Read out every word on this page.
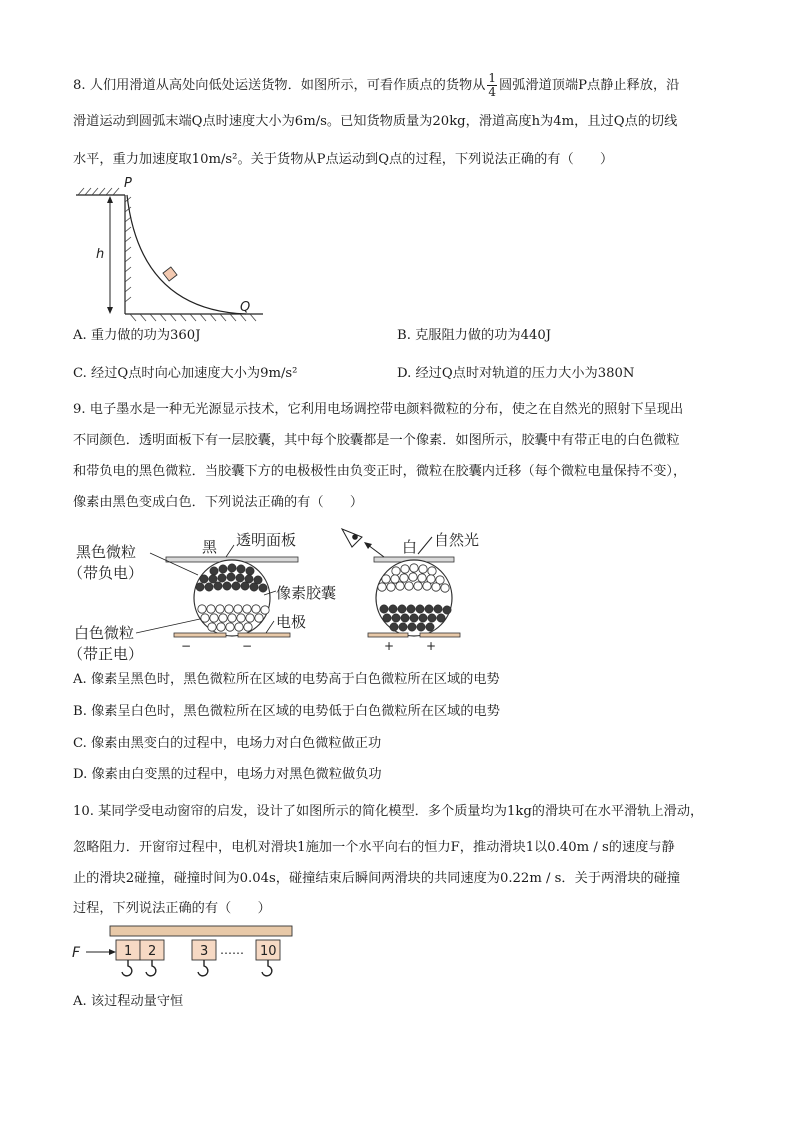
8. 人们用滑道从高处向低处运送货物．如图所示，可看作质点的货物从 $\frac{1}{4}$ 圆弧滑道顶端P点静止释放，沿
滑道运动到圆弧末端Q点时速度大小为6m/s。已知货物质量为20kg，滑道高度h为4m，且过Q点的切线
水平，重力加速度取10m/s²。关于货物从P点运动到Q点的过程，下列说法正确的有（　　）
h
P
Q
A. 重力做的功为360J	B. 克服阻力做的功为440J
C. 经过Q点时向心加速度大小为9m/s²	D. 经过Q点时对轨道的压力大小为380N
9. 电子墨水是一种无光源显示技术，它利用电场调控带电颜料微粒的分布，使之在自然光的照射下呈现出
不同颜色．透明面板下有一层胶囊，其中每个胶囊都是一个像素．如图所示，胶囊中有带正电的白色微粒
和带负电的黑色微粒．当胶囊下方的电极极性由负变正时，微粒在胶囊内迁移（每个微粒电量保持不变），
像素由黑色变成白色．下列说法正确的有（　　）
−	−
黑 透明面板
黑色微粒
（带负电）
像素胶囊
电极
白色微粒
（带正电）	+	+
白 自然光
A. 像素呈黑色时，黑色微粒所在区域的电势高于白色微粒所在区域的电势
B. 像素呈白色时，黑色微粒所在区域的电势低于白色微粒所在区域的电势
C. 像素由黑变白的过程中，电场力对白色微粒做正功
D. 像素由白变黑的过程中，电场力对黑色微粒做负功
10. 某同学受电动窗帘的启发，设计了如图所示的简化模型．多个质量均为1kg的滑块可在水平滑轨上滑动，
忽略阻力．开窗帘过程中，电机对滑块1施加一个水平向右的恒力F，推动滑块1以0.40m / s的速度与静
止的滑块2碰撞，碰撞时间为0.04s，碰撞结束后瞬间两滑块的共同速度为0.22m / s．关于两滑块的碰撞
过程，下列说法正确的有（　　）
F	1 2	3 …… 10
A. 该过程动量守恒
